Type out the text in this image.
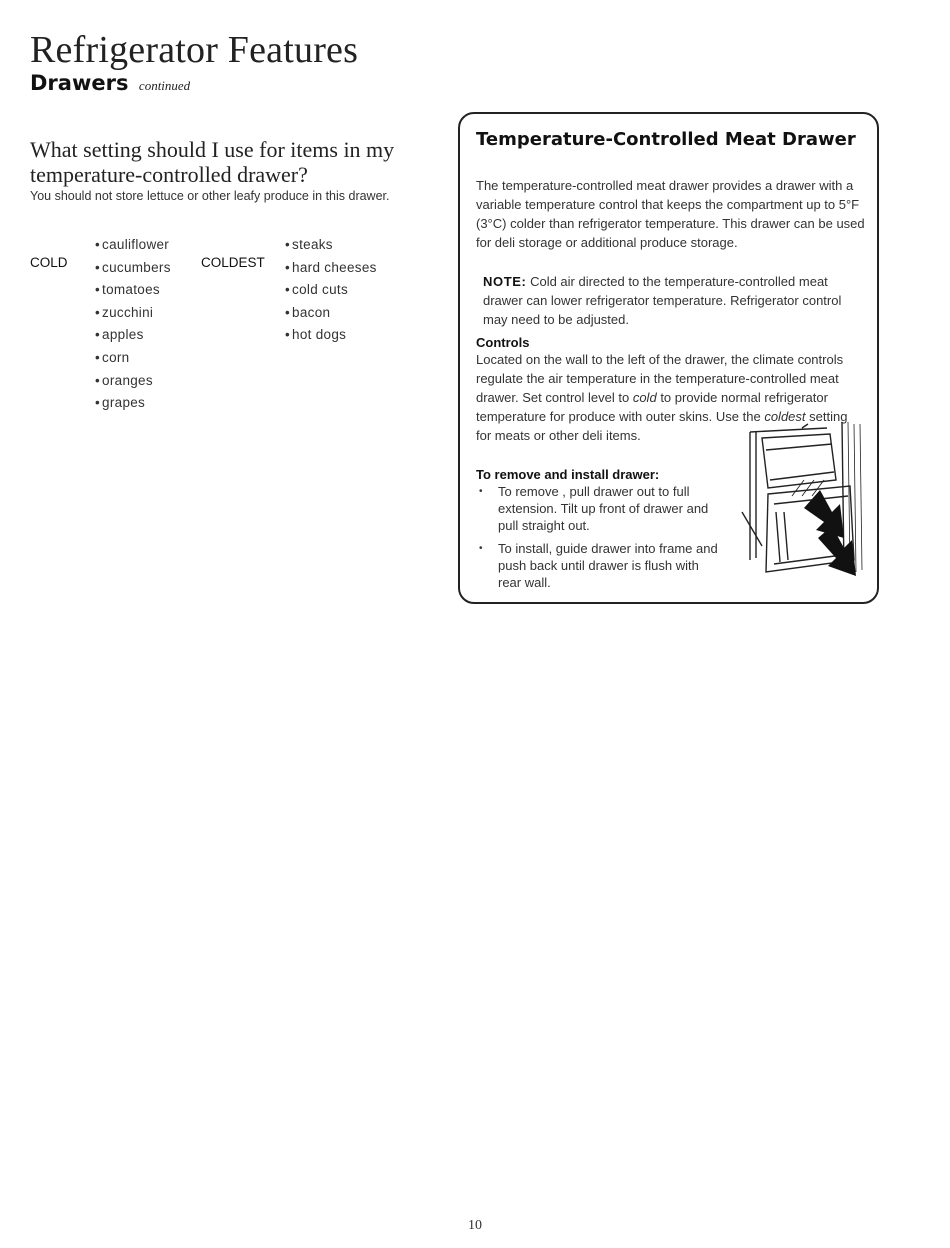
Refrigerator Features
Drawers continued
What setting should I use for items in my temperature-controlled drawer?

You should not store lettuce or other leafy produce in this drawer.

COLD
• cauliflower
• cucumbers
• tomatoes
• zucchini
• apples
• corn
• oranges
• grapes
COLDEST
• steaks
• hard cheeses
• cold cuts
• bacon
• hot dogs
Temperature-Controlled Meat Drawer

The temperature-controlled meat drawer provides a drawer with a variable temperature control that keeps the compartment up to 5°F (3°C) colder than refrigerator temperature. This drawer can be used for deli storage or additional produce storage.

NOTE: Cold air directed to the temperature-controlled meat drawer can lower refrigerator temperature. Refrigerator control may need to be adjusted.

Controls

Located on the wall to the left of the drawer, the climate controls regulate the air temperature in the temperature-controlled meat drawer. Set control level to cold to provide normal refrigerator temperature for produce with outer skins. Use the coldest setting for meats or other deli items.

To remove and install drawer:
• To remove , pull drawer out to full extension. Tilt up front of drawer and pull straight out.
• To install, guide drawer into frame and push back until drawer is flush with rear wall.
10
